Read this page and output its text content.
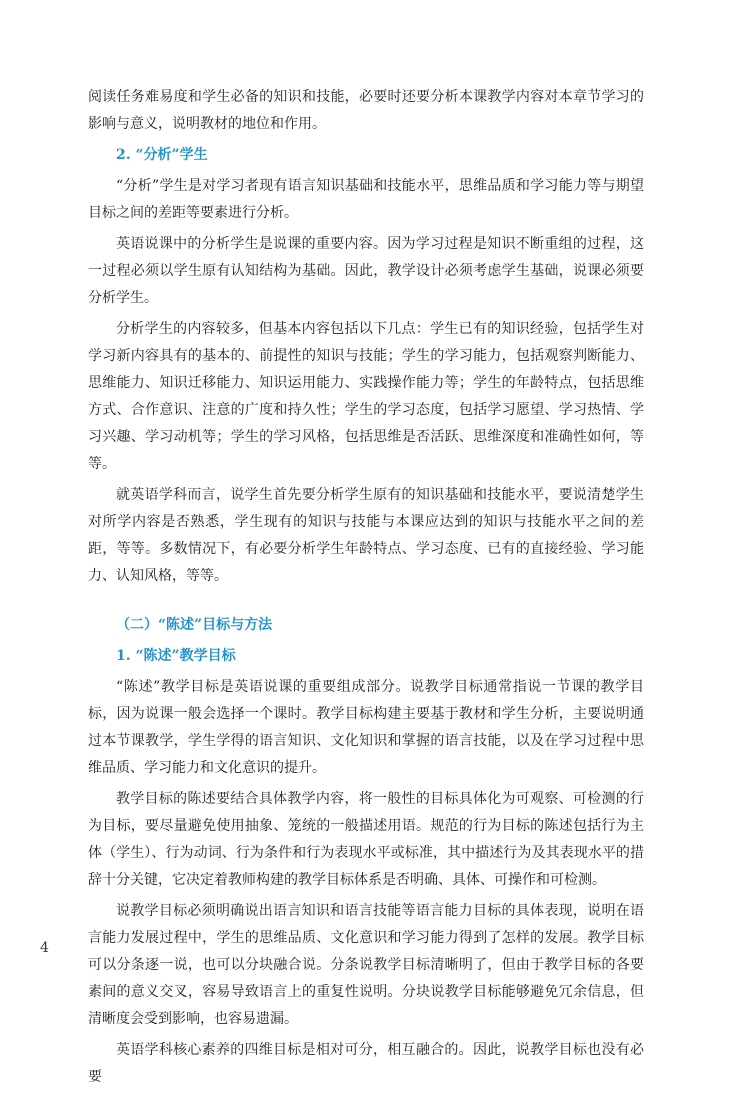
阅读任务难易度和学生必备的知识和技能，必要时还要分析本课教学内容对本章节学习的影响与意义，说明教材的地位和作用。

2. “分析”学生

“分析”学生是对学习者现有语言知识基础和技能水平，思维品质和学习能力等与期望目标之间的差距等要素进行分析。

英语说课中的分析学生是说课的重要内容。因为学习过程是知识不断重组的过程，这一过程必须以学生原有认知结构为基础。因此，教学设计必须考虑学生基础，说课必须要分析学生。

分析学生的内容较多，但基本内容包括以下几点：学生已有的知识经验，包括学生对学习新内容具有的基本的、前提性的知识与技能；学生的学习能力，包括观察判断能力、思维能力、知识迁移能力、知识运用能力、实践操作能力等；学生的年龄特点，包括思维方式、合作意识、注意的广度和持久性；学生的学习态度，包括学习愿望、学习热情、学习兴趣、学习动机等；学生的学习风格，包括思维是否活跃、思维深度和准确性如何，等等。

就英语学科而言，说学生首先要分析学生原有的知识基础和技能水平，要说清楚学生对所学内容是否熟悉，学生现有的知识与技能与本课应达到的知识与技能水平之间的差距，等等。多数情况下，有必要分析学生年龄特点、学习态度、已有的直接经验、学习能力、认知风格，等等。

（二）“陈述”目标与方法
1. “陈述”教学目标

“陈述”教学目标是英语说课的重要组成部分。说教学目标通常指说一节课的教学目标，因为说课一般会选择一个课时。教学目标构建主要基于教材和学生分析，主要说明通过本节课教学，学生学得的语言知识、文化知识和掌握的语言技能，以及在学习过程中思维品质、学习能力和文化意识的提升。

教学目标的陈述要结合具体教学内容，将一般性的目标具体化为可观察、可检测的行为目标，要尽量避免使用抽象、笼统的一般描述用语。规范的行为目标的陈述包括行为主体（学生）、行为动词、行为条件和行为表现水平或标准，其中描述行为及其表现水平的措辞十分关键，它决定着教师构建的教学目标体系是否明确、具体、可操作和可检测。

说教学目标必须明确说出语言知识和语言技能等语言能力目标的具体表现，说明在语言能力发展过程中，学生的思维品质、文化意识和学习能力得到了怎样的发展。教学目标可以分条逐一说，也可以分块融合说。分条说教学目标清晰明了，但由于教学目标的各要素间的意义交叉，容易导致语言上的重复性说明。分块说教学目标能够避免冗余信息，但清晰度会受到影响，也容易遗漏。

英语学科核心素养的四维目标是相对可分，相互融合的。因此，说教学目标也没有必要

4
